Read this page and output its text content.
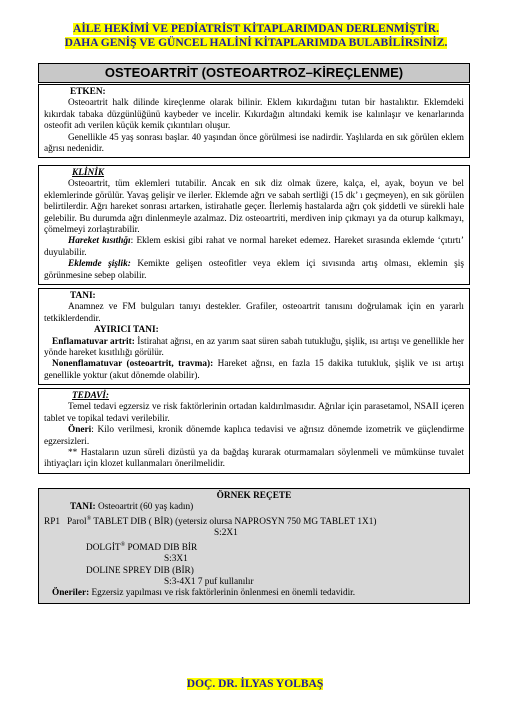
AİLE HEKİMİ VE PEDİATRİST KİTAPLARIMDAN DERLENMİŞTİR.
DAHA GENİŞ VE GÜNCEL HALİNİ KİTAPLARIMDA BULABİLİRSİNİZ.
OSTEOARTRİT (OSTEOARTROZ–KİREÇLENME)
ETKEN:

Osteoartrit halk dilinde kireçlenme olarak bilinir. Eklem kıkırdağını tutan bir hastalıktır. Eklemdeki kıkırdak tabaka düzgünlüğünü kaybeder ve incelir. Kıkırdağın altındaki kemik ise kalınlaşır ve kenarlarında osteofit adı verilen küçük kemik çıkıntıları oluşur.

Genellikle 45 yaş sonrası başlar. 40 yaşından önce görülmesi ise nadirdir. Yaşlılarda en sık görülen eklem ağrısı nedenidir.

KLİNİK

Osteoartrit, tüm eklemleri tutabilir. Ancak en sık diz olmak üzere, kalça, el, ayak, boyun ve bel eklemlerinde görülür. Yavaş gelişir ve ilerler. Eklemde ağrı ve sabah sertliği (15 dk’ ı geçmeyen), en sık görülen belirtilerdir. Ağrı hareket sonrası artarken, istirahatle geçer. İlerlemiş hastalarda ağrı çok şiddetli ve sürekli hale gelebilir. Bu durumda ağrı dinlenmeyle azalmaz. Diz osteoartriti, merdiven inip çıkmayı ya da oturup kalkmayı, çömelmeyi zorlaştırabilir.

Hareket kısıtlığı: Eklem eskisi gibi rahat ve normal hareket edemez. Hareket sırasında eklemde ‘çıtırtı’ duyulabilir.

Eklemde şişlik: Kemikte gelişen osteofitler veya eklem içi sıvısında artış olması, eklemin şiş görünmesine sebep olabilir.

TANI:

Anamnez ve FM bulguları tanıyı destekler. Grafiler, osteoartrit tanısını doğrulamak için en yararlı tetkiklerdendir.

AYIRICI TANI:

Enflamatuvar artrit: İstirahat ağrısı, en az yarım saat süren sabah tutukluğu, şişlik, ısı artışı ve genellikle her yönde hareket kısıtlılığı görülür.

Nonenflamatuvar (osteoartrit, travma): Hareket ağrısı, en fazla 15 dakika tutukluk, şişlik ve ısı artışı genellikle yoktur (akut dönemde olabilir).

TEDAVİ:

Temel tedavi egzersiz ve risk faktörlerinin ortadan kaldırılmasıdır. Ağrılar için parasetamol, NSAII içeren tablet ve topikal tedavi verilebilir.

Öneri: Kilo verilmesi, kronik dönemde kaplıca tedavisi ve ağrısız dönemde izometrik ve güçlendirme egzersizleri.

** Hastaların uzun süreli dizüstü ya da bağdaş kurarak oturmamaları söylenmeli ve mümkünse tuvalet ihtiyaçları için klozet kullanmaları önerilmelidir.

ÖRNEK REÇETE

TANI: Osteoartrit (60 yaş kadın)

RP1 Parol® TABLET DIB ( BİR) (yetersiz olursa NAPROSYN 750 MG TABLET 1X1)

S:2X1

DOLGİT® POMAD DIB BİR

S:3X1

DOLINE SPREY DIB (BİR)

S:3-4X1 7 puf kullanılır

Öneriler: Egzersiz yapılması ve risk faktörlerinin önlenmesi en önemli tedavidir.

DOÇ. DR. İLYAS YOLBAŞ
